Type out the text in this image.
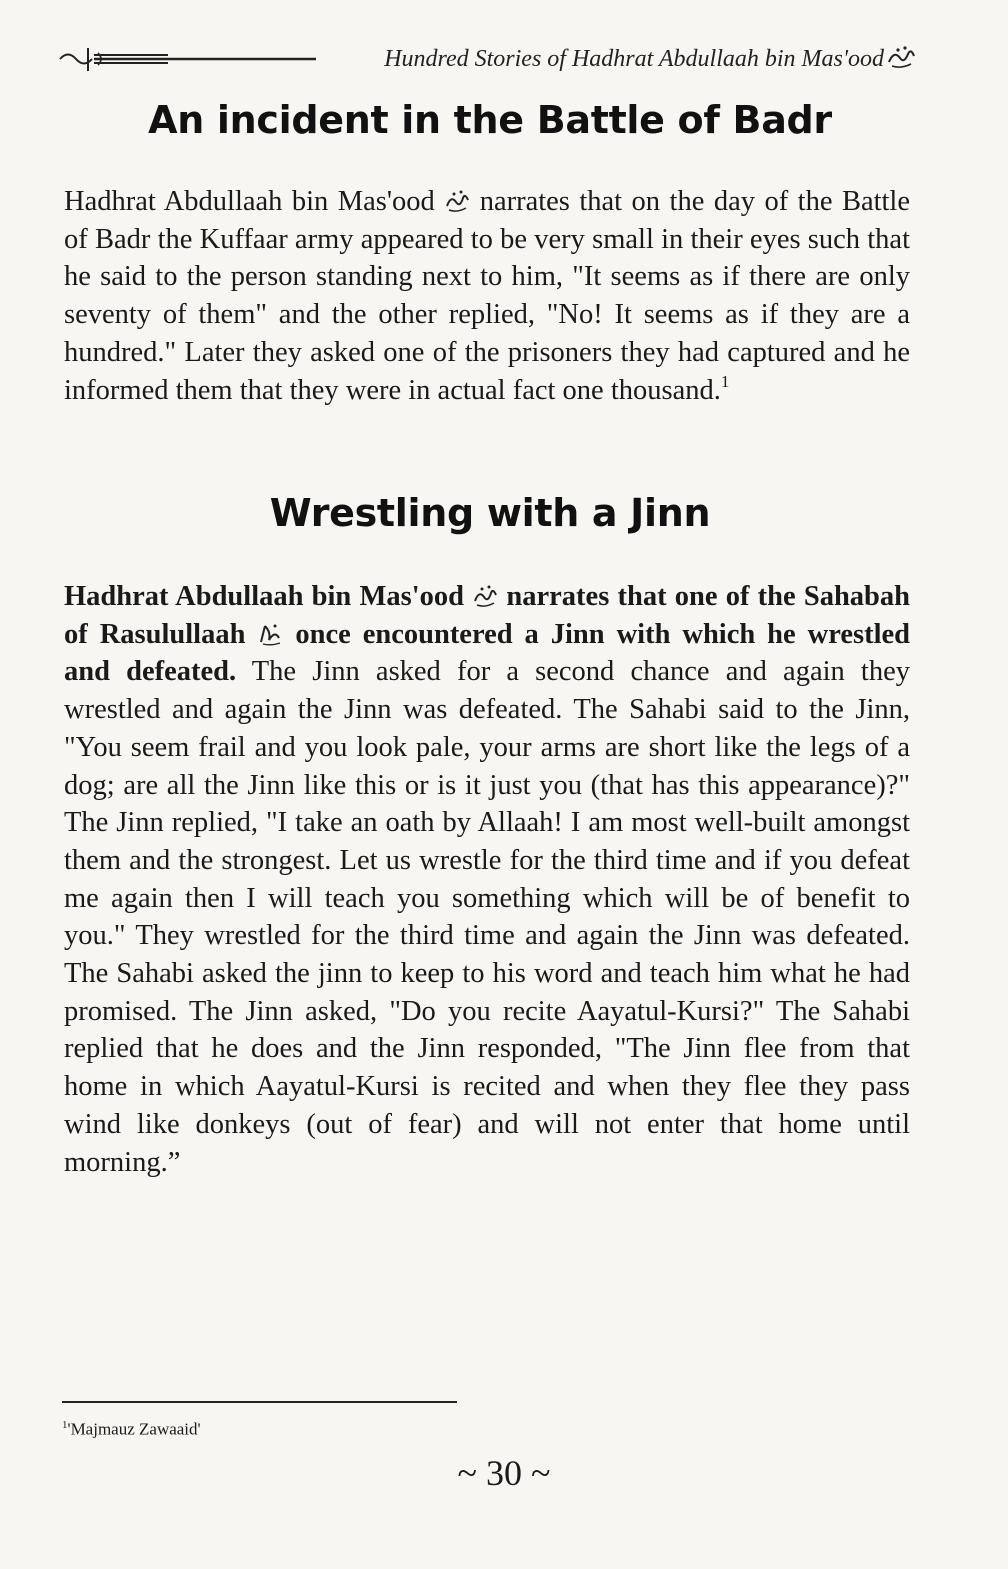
Hundred Stories of Hadhrat Abdullaah bin Mas'ood
An incident in the Battle of Badr

Hadhrat Abdullaah bin Mas'ood  narrates that on the day of the Battle of Badr the Kuffaar army appeared to be very small in their eyes such that he said to the person standing next to him, "It seems as if there are only seventy of them" and the other replied, "No! It seems as if they are a hundred." Later they asked one of the prisoners they had captured and he informed them that they were in actual fact one thousand.$^1$

Wrestling with a Jinn

Hadhrat Abdullaah bin Mas'ood  narrates that one of the Sahabah of Rasulullaah  once encountered a Jinn with which he wrestled and defeated. The Jinn asked for a second chance and again they wrestled and again the Jinn was defeated. The Sahabi said to the Jinn, "You seem frail and you look pale, your arms are short like the legs of a dog; are all the Jinn like this or is it just you (that has this appearance)?" The Jinn replied, "I take an oath by Allaah! I am most well-built amongst them and the strongest. Let us wrestle for the third time and if you defeat me again then I will teach you something which will be of benefit to you." They wrestled for the third time and again the Jinn was defeated. The Sahabi asked the jinn to keep to his word and teach him what he had promised. The Jinn asked, "Do you recite Aayatul-Kursi?" The Sahabi replied that he does and the Jinn responded, "The Jinn flee from that home in which Aayatul-Kursi is recited and when they flee they pass wind like donkeys (out of fear) and will not enter that home until morning.”

$^1$'Majmauz Zawaaid'
~ 30 ~
